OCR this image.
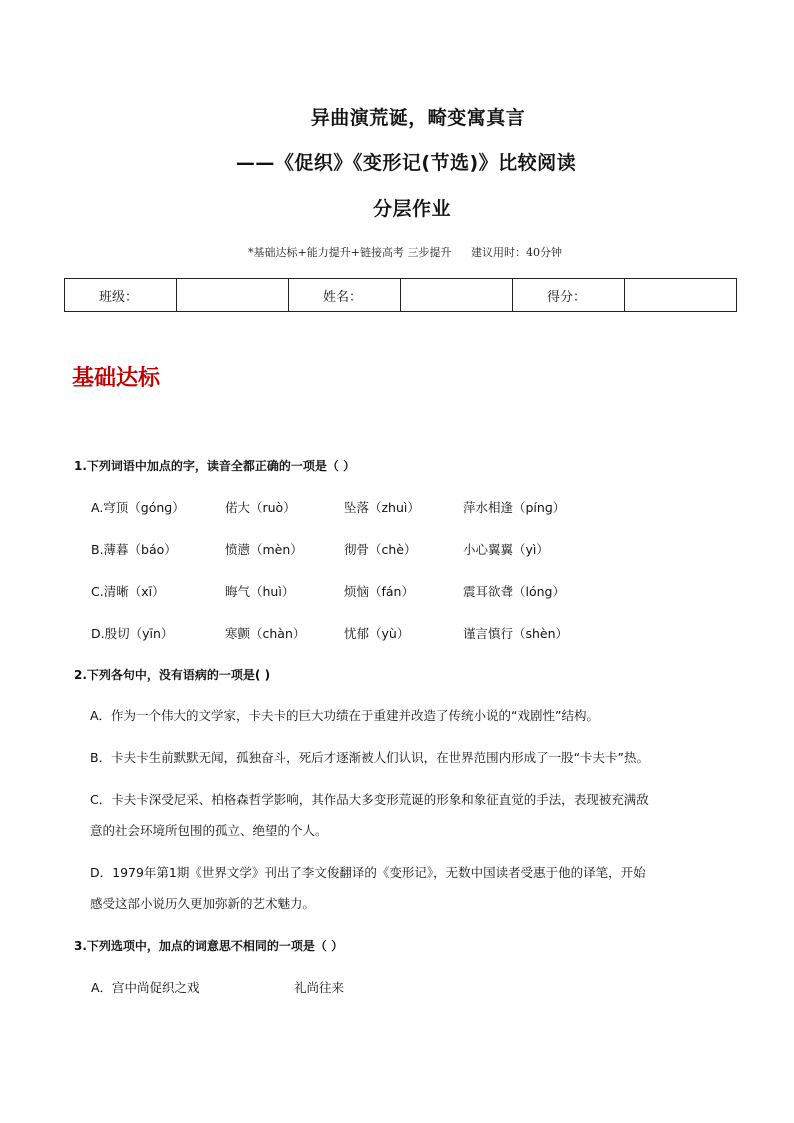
异曲演荒诞，畸变寓真言
——《促织》《变形记(节选)》比较阅读
分层作业
*基础达标+能力提升+链接高考 三步提升 建议用时：40分钟
班级：		姓名：		得分：	
基础达标
1.下列词语中加点的字，读音全都正确的一项是（ ）
A.穹顶（gónɡ）	偌大（ruò）	坠落（zhuì）	萍水相逢（pínɡ）
B.薄暮（báo）	愤懑（mèn）	彻骨（chè）	小心翼翼（yì）
C.清晰（xī）	晦气（huì）	烦恼（fán）	震耳欲聋（lóng）
D.殷切（yīn）	寒颤（chàn）	忧郁（yù）	谨言慎行（shèn）
2.下列各句中，没有语病的一项是( )
A．作为一个伟大的文学家，卡夫卡的巨大功绩在于重建并改造了传统小说的“戏剧性”结构。
B．卡夫卡生前默默无闻，孤独奋斗，死后才逐渐被人们认识，在世界范围内形成了一股“卡夫卡”热。
C．卡夫卡深受尼采、柏格森哲学影响，其作品大多变形荒诞的形象和象征直觉的手法，表现被充满敌
意的社会环境所包围的孤立、绝望的个人。
D．1979年第1期《世界文学》刊出了李文俊翻译的《变形记》，无数中国读者受惠于他的译笔，开始
感受这部小说历久更加弥新的艺术魅力。
3.下列选项中，加点的词意思不相同的一项是（ ）
A．宫中尚促织之戏	礼尚往来
